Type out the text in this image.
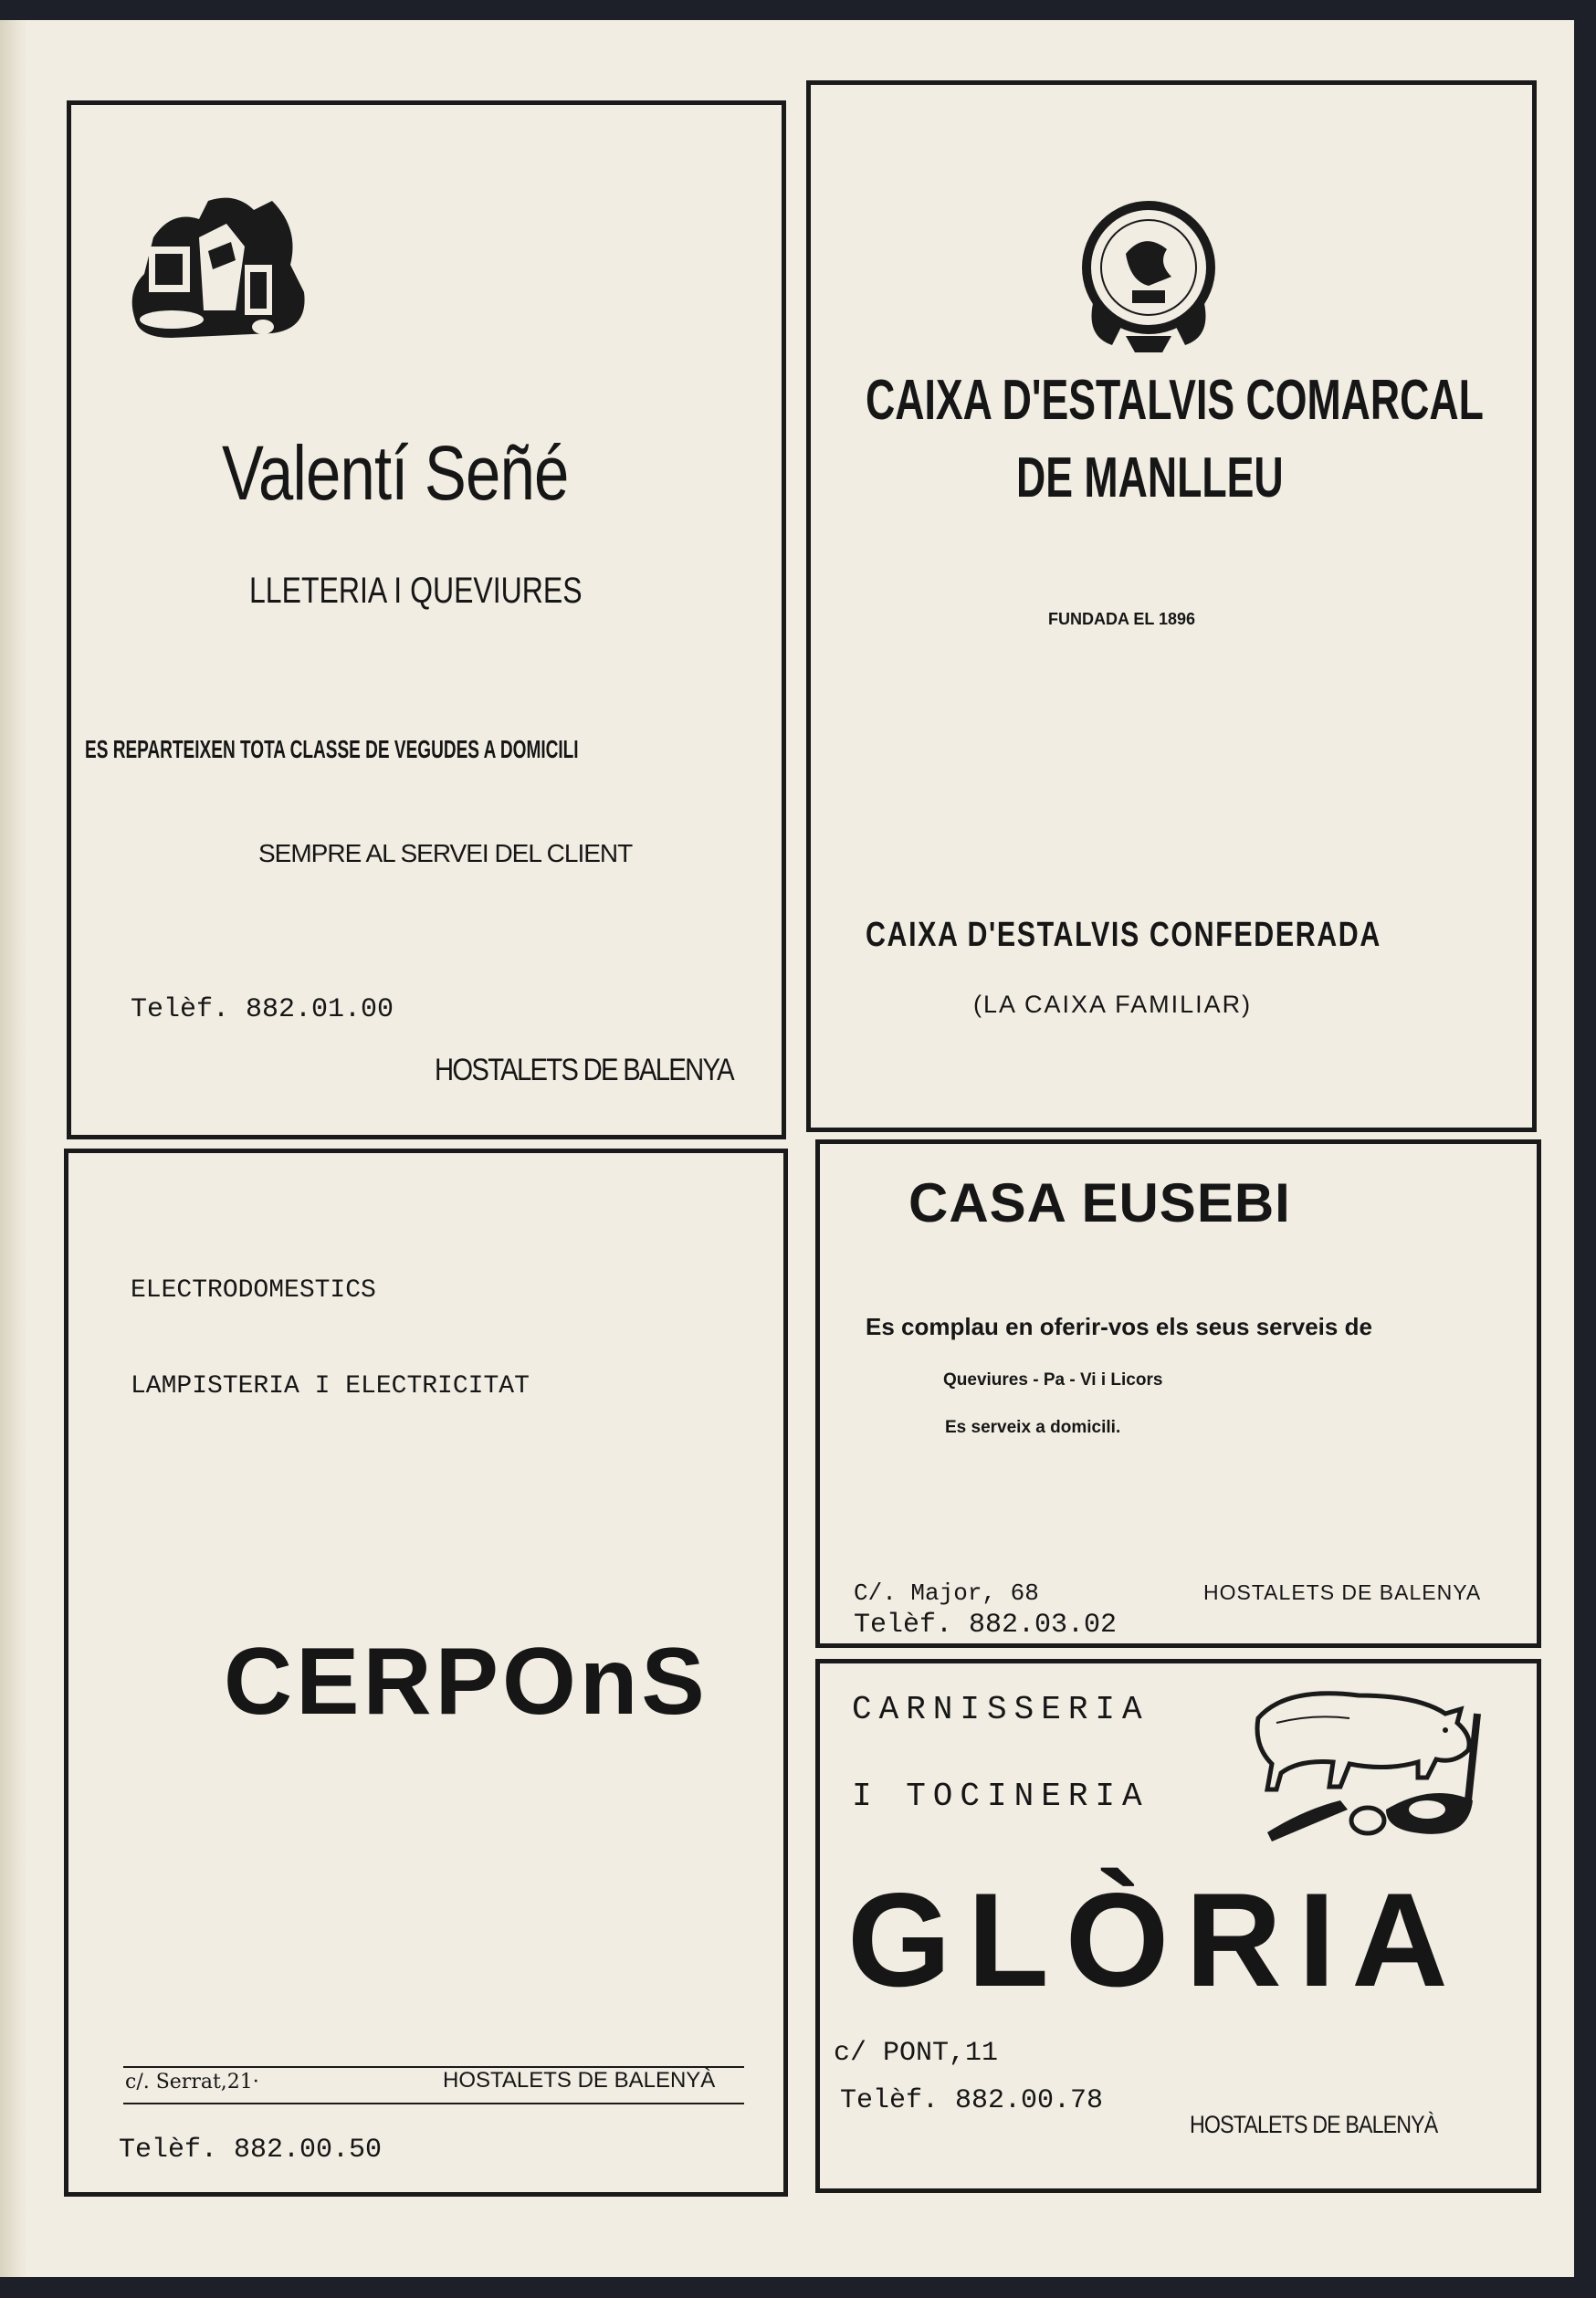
Valentí Señé
LLETERIA I QUEVIURES
ES REPARTEIXEN TOTA CLASSE DE VEGUDES A DOMICILI
SEMPRE AL SERVEI DEL CLIENT
Telèf. 882.01.00
HOSTALETS DE BALENYA
CAIXA D'ESTALVIS COMARCAL
DE MANLLEU
FUNDADA EL 1896
CAIXA D'ESTALVIS CONFEDERADA
(LA CAIXA FAMILIAR)
ELECTRODOMESTICS
LAMPISTERIA I ELECTRICITAT
CERPOnS
c/. Serrat,21·	HOSTALETS DE BALENYÀ
Telèf. 882.00.50
CASA EUSEBI
Es complau en oferir-vos els seus serveis de
Queviures - Pa - Vi i Licors
Es serveix a domicili.
C/. Major, 68	HOSTALETS DE BALENYA
Telèf. 882.03.02
CARNISSERIA
I TOCINERIA
GLÒRIA
c/ PONT,11
Telèf. 882.00.78
HOSTALETS DE BALENYÀ
